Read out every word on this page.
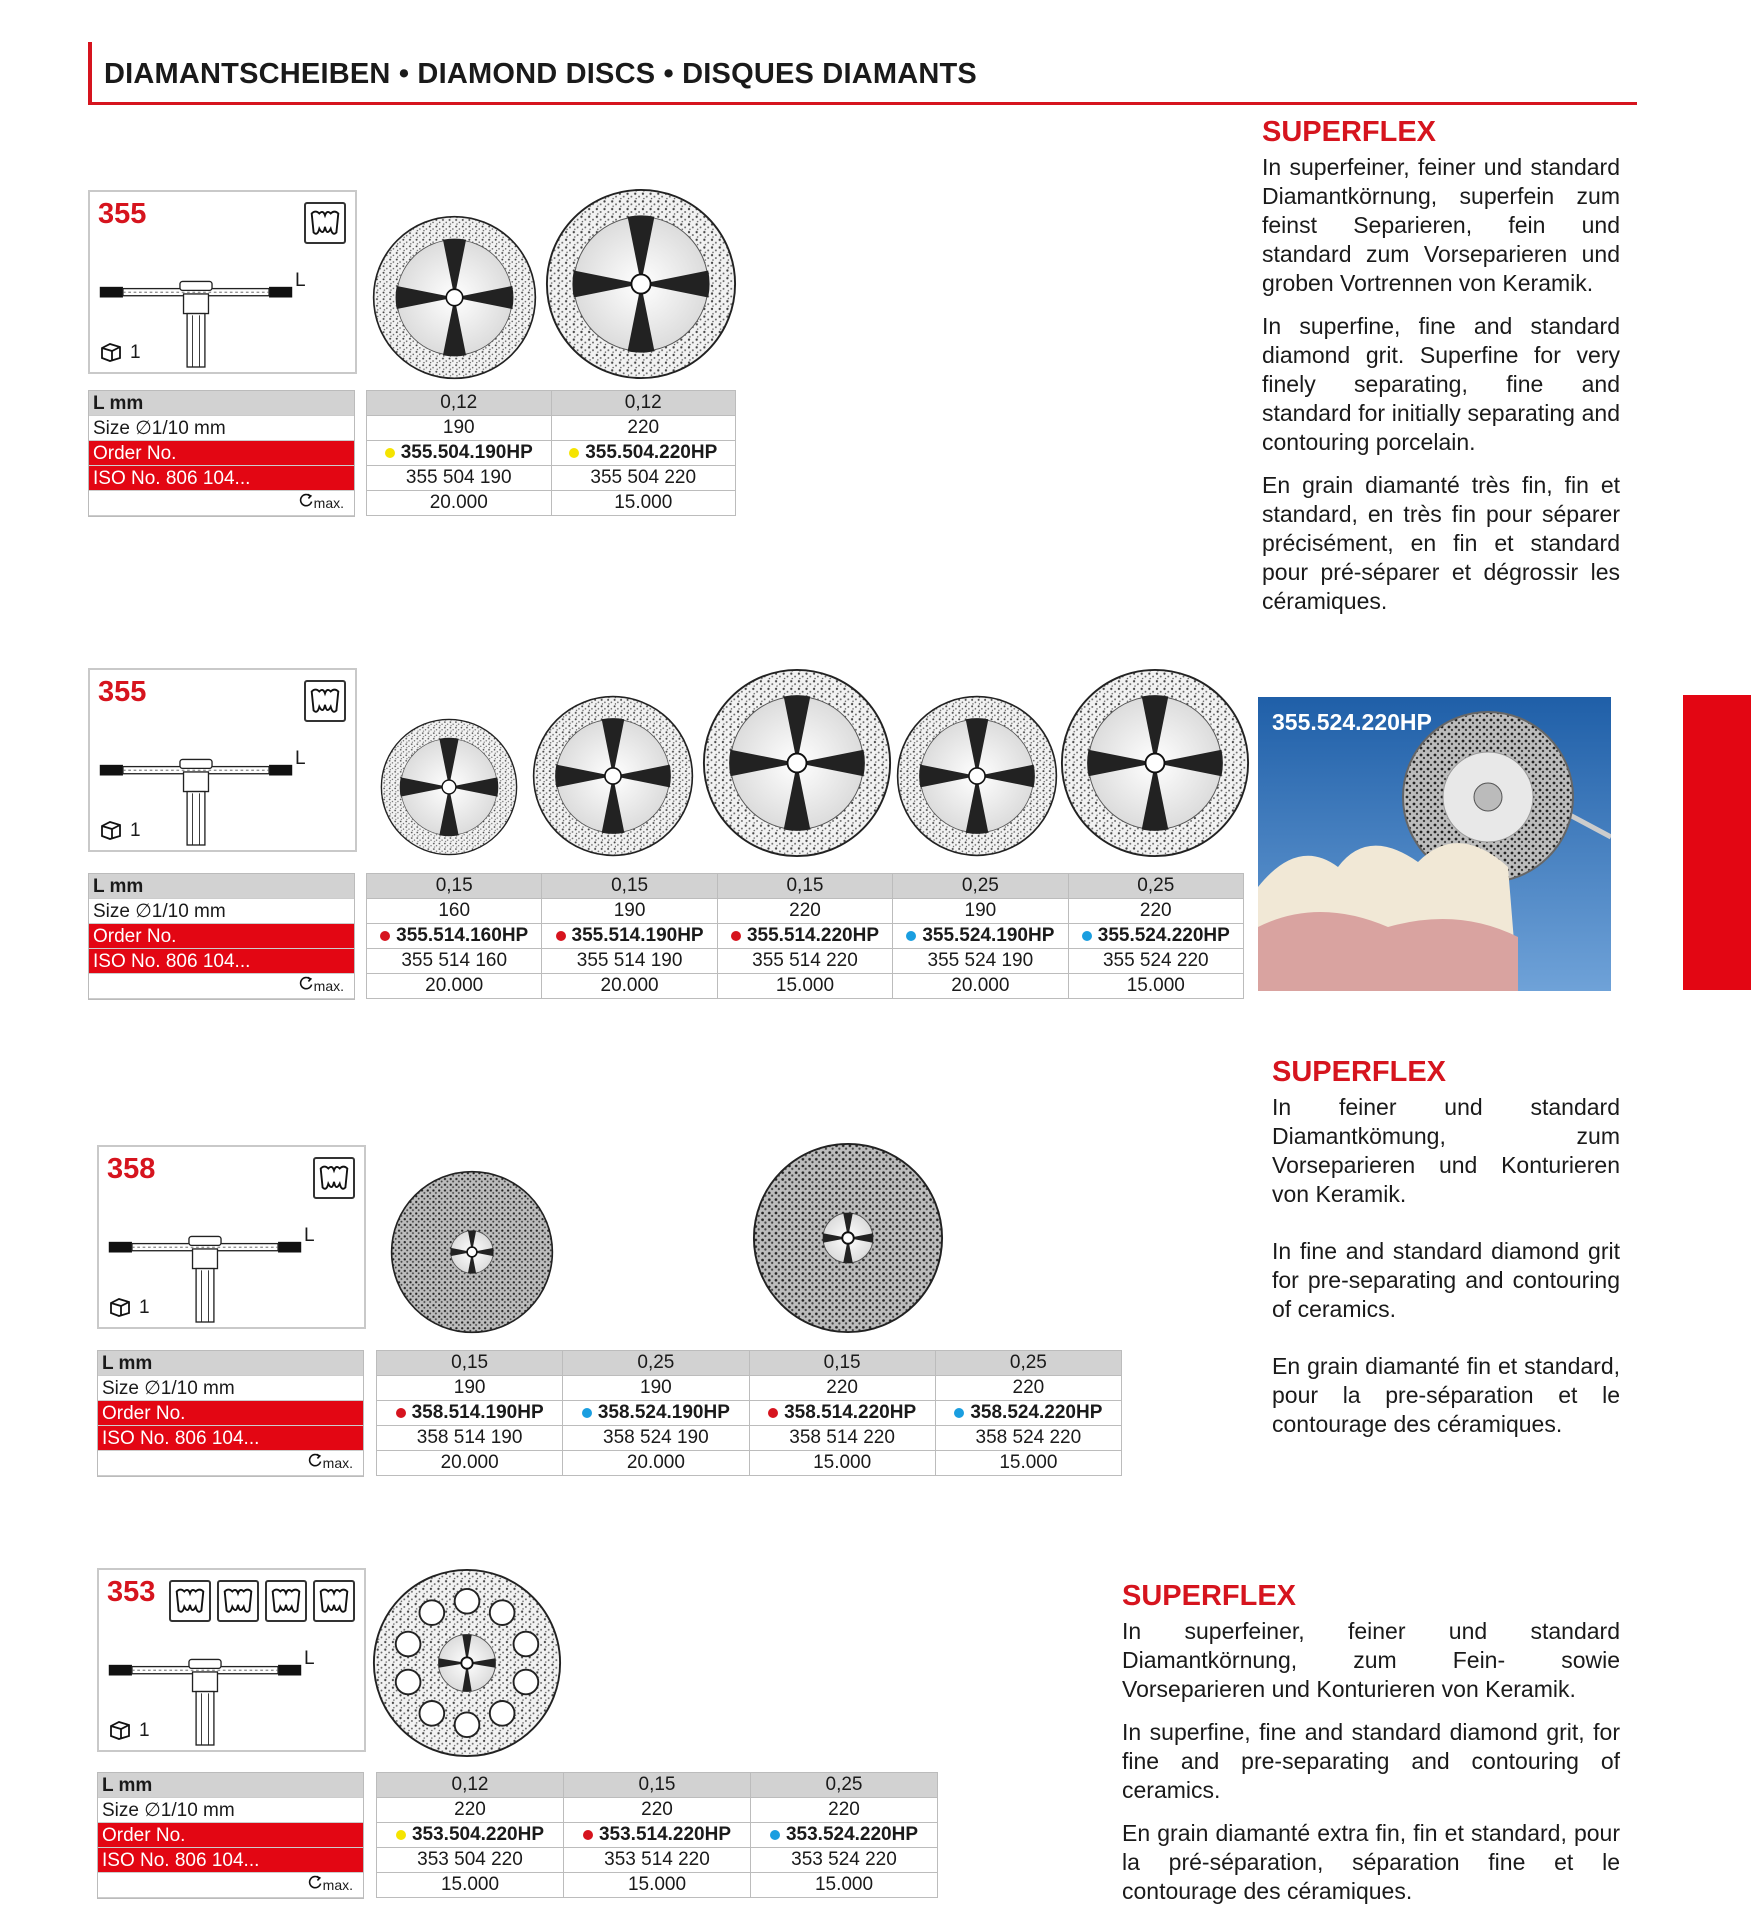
DIAMANTSCHEIBEN • DIAMOND DISCS • DISQUES DIAMANTS
355
L
1
L mm
Size ∅1/10 mm
Order No.
ISO No. 806 104...
max.
0,12	0,12
190	220
355.504.190HP	355.504.220HP
355 504 190	355 504 220
20.000	15.000
SUPERFLEX

In superfeiner, feiner und standard Diamantkörnung, superfein zum feinst Separieren, fein und standard zum Vorseparieren und groben Vortrennen von Keramik.

In superfine, fine and standard diamond grit. Superfine for very finely separating, fine and standard for initially separating and contouring porcelain.

En grain diamanté très fin, fin et standard, en très fin pour séparer précisément, en fin et standard pour pré-séparer et dégrossir les céramiques.

355
L
1
L mm
Size ∅1/10 mm
Order No.
ISO No. 806 104...
max.
0,15	0,15	0,15	0,25	0,25
160	190	220	190	220
355.514.160HP	355.514.190HP	355.514.220HP	355.524.190HP	355.524.220HP
355 514 160	355 514 190	355 514 220	355 524 190	355 524 220
20.000	20.000	15.000	20.000	15.000
355.524.220HP
SUPERFLEX

In feiner und standard Diamantkömung, zum Vorseparieren und Konturieren von Keramik.

In fine and standard diamond grit for pre-separating and contouring of ceramics.

En grain diamanté fin et standard, pour la pre-séparation et le contourage des céramiques.

358
L
1
L mm
Size ∅1/10 mm
Order No.
ISO No. 806 104...
max.
0,15	0,25	0,15	0,25
190	190	220	220
358.514.190HP	358.524.190HP	358.514.220HP	358.524.220HP
358 514 190	358 524 190	358 514 220	358 524 220
20.000	20.000	15.000	15.000
353
L
1
L mm
Size ∅1/10 mm
Order No.
ISO No. 806 104...
max.
0,12	0,15	0,25
220	220	220
353.504.220HP	353.514.220HP	353.524.220HP
353 504 220	353 514 220	353 524 220
15.000	15.000	15.000
SUPERFLEX

In superfeiner, feiner und standard Diamantkörnung, zum Fein- sowie Vorseparieren und Konturieren von Keramik.

In superfine, fine and standard diamond grit, for fine and pre-separating and contouring of ceramics.

En grain diamanté extra fin, fin et standard, pour la pré-séparation, séparation fine et le contourage des céramiques.
